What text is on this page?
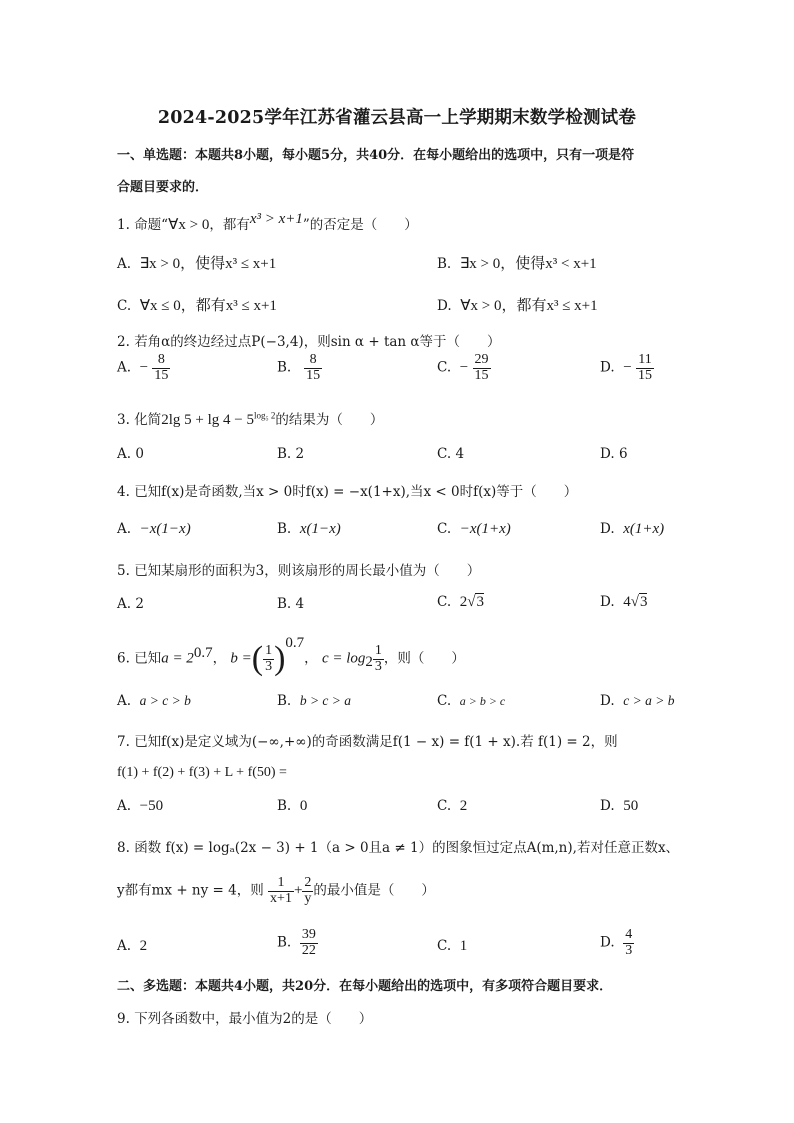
2024-2025学年江苏省灌云县高一上学期期末数学检测试卷
一、单选题：本题共8小题，每小题5分，共40分．在每小题给出的选项中，只有一项是符
合题目要求的．
1. 命题“∀x > 0，都有x³ > x+1”的否定是（　　）
A. ∃x > 0，使得x³ ≤ x+1	B. ∃x > 0，使得x³ < x+1
C. ∀x ≤ 0，都有x³ ≤ x+1	D. ∀x > 0，都有x³ ≤ x+1
2. 若角α的终边经过点P(−3,4)，则sin α + tan α等于（　　）
A. − $\frac{8}{15}$	B. $\frac{8}{15}$	C. − $\frac{29}{15}$	D. − $\frac{11}{15}$
3. 化简2lg $5 + \lg 4 - 5^{log_5 2}$的结果为（　　）
A. 0	B. 2	C. 4	D. 6
4. 已知f(x)是奇函数,当x > 0时f(x) = −x(1+x),当x < 0时f(x)等于（　　）
A. −x(1−x)	B. x(1−x)	C. −x(1+x)	D. x(1+x)
5. 已知某扇形的面积为3，则该扇形的周长最小值为（　　）
A. 2	B. 4	C. 2√3	D. 4√3
6. 已知$a = 2^{0.7}$， b =( $\frac{1}{3} )^{0.7}$， $c = \log_2 \frac{1}{3}$ ，则（　　）
A. a > c > b	B. b > c > a	C. a > b > c	D. c > a > b
7. 已知f(x)是定义域为(−∞,+∞)的奇函数满足f(1 − x) = f(1 + x).若 f(1) = 2，则
f(1) + f(2) + f(3) + L + f(50) =
A. −50	B. 0	C. 2	D. 50
8. 函数 f(x) = logₐ(2x − 3) + 1（a > 0且a ≠ 1）的图象恒过定点A(m,n),若对任意正数x、
y都有mx + ny = 4，则 $\frac{1}{x+1} + \frac{2}{y}$ 的最小值是（　　）
A. 2	B. $\frac{39}{22}$	C. 1	D. $\frac{4}{3}$
二、多选题：本题共4小题，共20分．在每小题给出的选项中，有多项符合题目要求．
9. 下列各函数中，最小值为2的是（　　）
